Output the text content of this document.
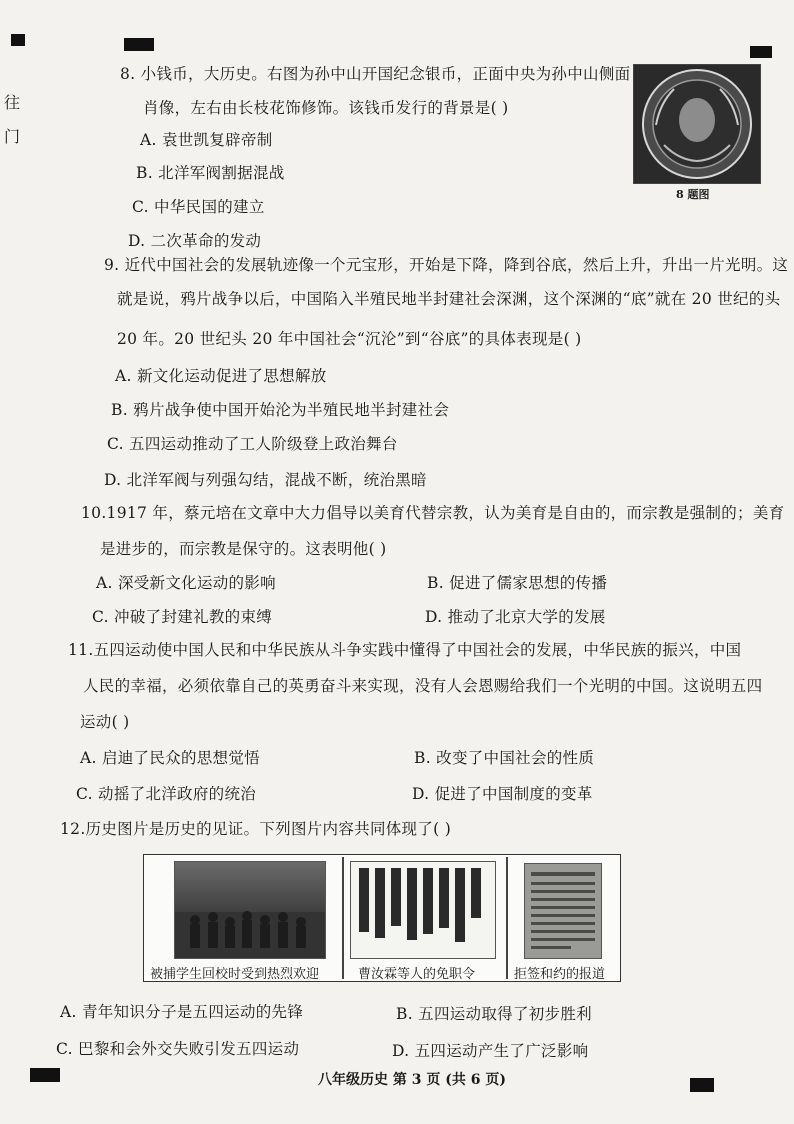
往
门
8. 小钱币，大历史。右图为孙中山开国纪念银币，正面中央为孙中山侧面
肖像，左右由长枝花饰修饰。该钱币发行的背景是( )
A. 袁世凯复辟帝制
B. 北洋军阀割据混战
C. 中华民国的建立
D. 二次革命的发动
8 题图
9. 近代中国社会的发展轨迹像一个元宝形，开始是下降，降到谷底，然后上升，升出一片光明。这
就是说，鸦片战争以后，中国陷入半殖民地半封建社会深渊，这个深渊的“底”就在 20 世纪的头
20 年。20 世纪头 20 年中国社会“沉沦”到“谷底”的具体表现是( )
A. 新文化运动促进了思想解放
B. 鸦片战争使中国开始沦为半殖民地半封建社会
C. 五四运动推动了工人阶级登上政治舞台
D. 北洋军阀与列强勾结，混战不断，统治黑暗
10.1917 年，蔡元培在文章中大力倡导以美育代替宗教，认为美育是自由的，而宗教是强制的；美育
是进步的，而宗教是保守的。这表明他( )
A. 深受新文化运动的影响	B. 促进了儒家思想的传播
C. 冲破了封建礼教的束缚	D. 推动了北京大学的发展
11.五四运动使中国人民和中华民族从斗争实践中懂得了中国社会的发展，中华民族的振兴，中国
人民的幸福，必须依靠自己的英勇奋斗来实现，没有人会恩赐给我们一个光明的中国。这说明五四
运动( )
A. 启迪了民众的思想觉悟	B. 改变了中国社会的性质
C. 动摇了北洋政府的统治	D. 促进了中国制度的变革
12.历史图片是历史的见证。下列图片内容共同体现了( )
被捕学生回校时受到热烈欢迎	曹汝霖等人的免职令	拒签和约的报道
A. 青年知识分子是五四运动的先锋	B. 五四运动取得了初步胜利
C. 巴黎和会外交失败引发五四运动	D. 五四运动产生了广泛影响
八年级历史 第 3 页 (共 6 页)
